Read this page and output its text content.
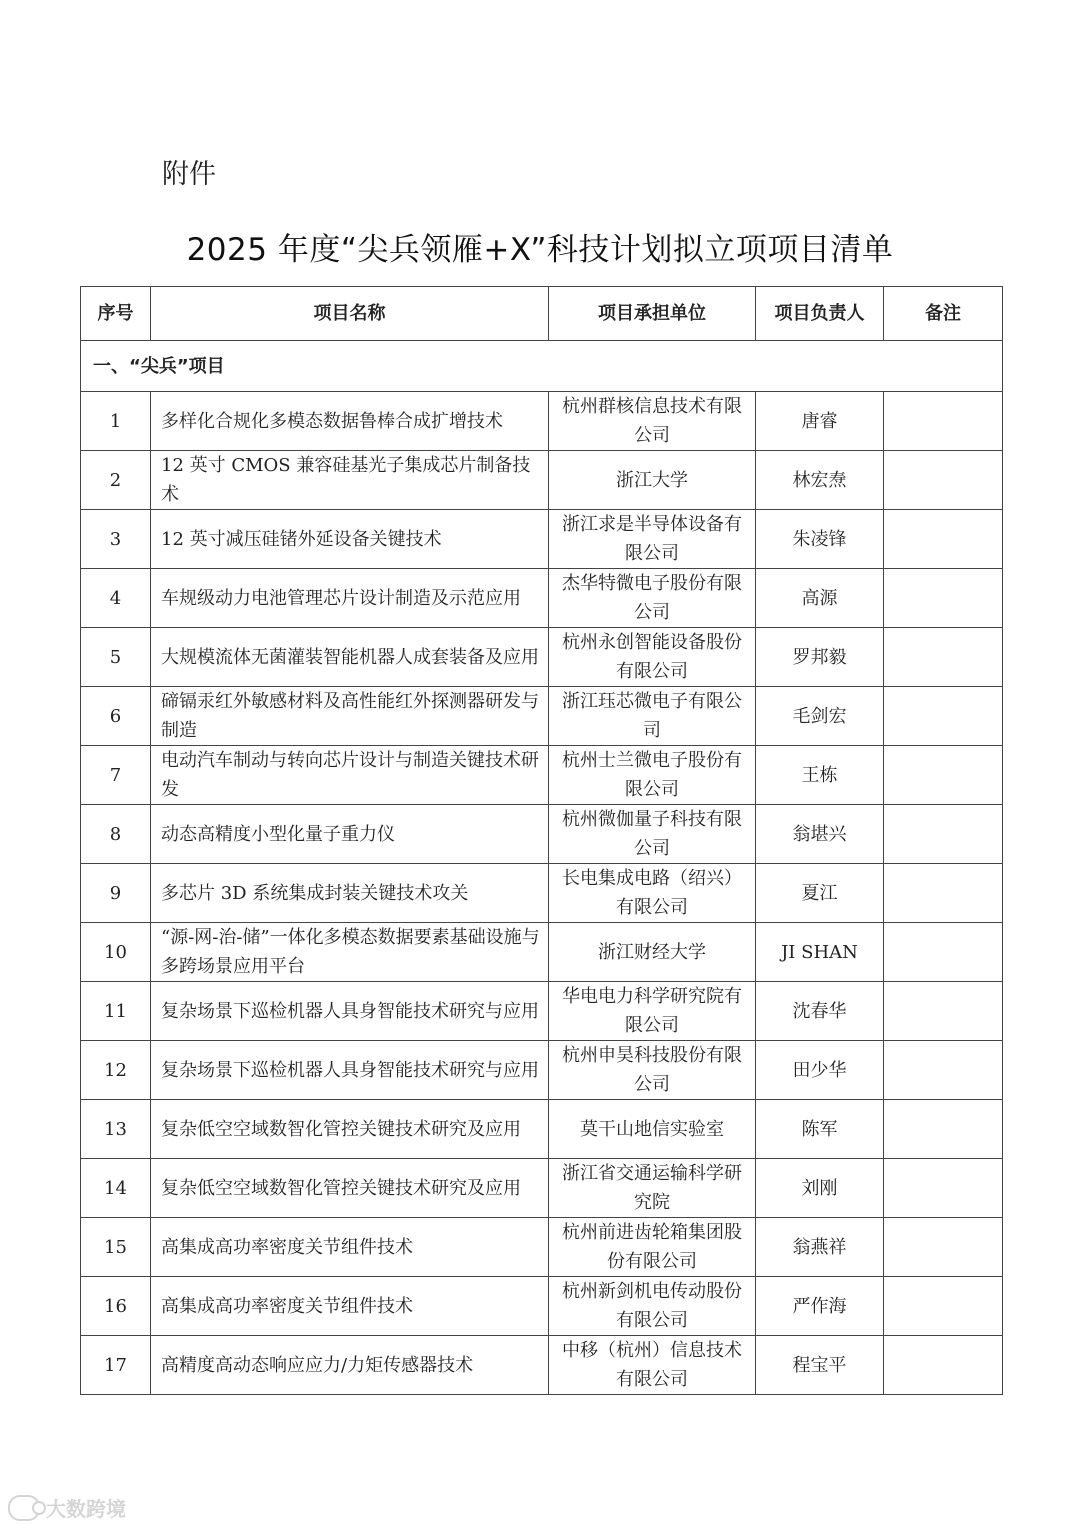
附件
2025 年度“尖兵领雁+X”科技计划拟立项项目清单
序号	项目名称	项目承担单位	项目负责人	备注
一、“尖兵”项目				
1	多样化合规化多模态数据鲁棒合成扩增技术	杭州群核信息技术有限公司	唐睿	
2	12 英寸 CMOS 兼容硅基光子集成芯片制备技术	浙江大学	林宏焘	
3	12 英寸减压硅锗外延设备关键技术	浙江求是半导体设备有限公司	朱凌锋	
4	车规级动力电池管理芯片设计制造及示范应用	杰华特微电子股份有限公司	高源	
5	大规模流体无菌灌装智能机器人成套装备及应用	杭州永创智能设备股份有限公司	罗邦毅	
6	碲镉汞红外敏感材料及高性能红外探测器研发与制造	浙江珏芯微电子有限公司	毛剑宏	
7	电动汽车制动与转向芯片设计与制造关键技术研发	杭州士兰微电子股份有限公司	王栋	
8	动态高精度小型化量子重力仪	杭州微伽量子科技有限公司	翁堪兴	
9	多芯片 3D 系统集成封装关键技术攻关	长电集成电路（绍兴）有限公司	夏江	
10	“源-网-治-储”一体化多模态数据要素基础设施与多跨场景应用平台	浙江财经大学	JI SHAN	
11	复杂场景下巡检机器人具身智能技术研究与应用	华电电力科学研究院有限公司	沈春华	
12	复杂场景下巡检机器人具身智能技术研究与应用	杭州申昊科技股份有限公司	田少华	
13	复杂低空空域数智化管控关键技术研究及应用	莫干山地信实验室	陈军	
14	复杂低空空域数智化管控关键技术研究及应用	浙江省交通运输科学研究院	刘刚	
15	高集成高功率密度关节组件技术	杭州前进齿轮箱集团股份有限公司	翁燕祥	
16	高集成高功率密度关节组件技术	杭州新剑机电传动股份有限公司	严作海	
17	高精度高动态响应应力/力矩传感器技术	中移（杭州）信息技术有限公司	程宝平	
大数跨境
